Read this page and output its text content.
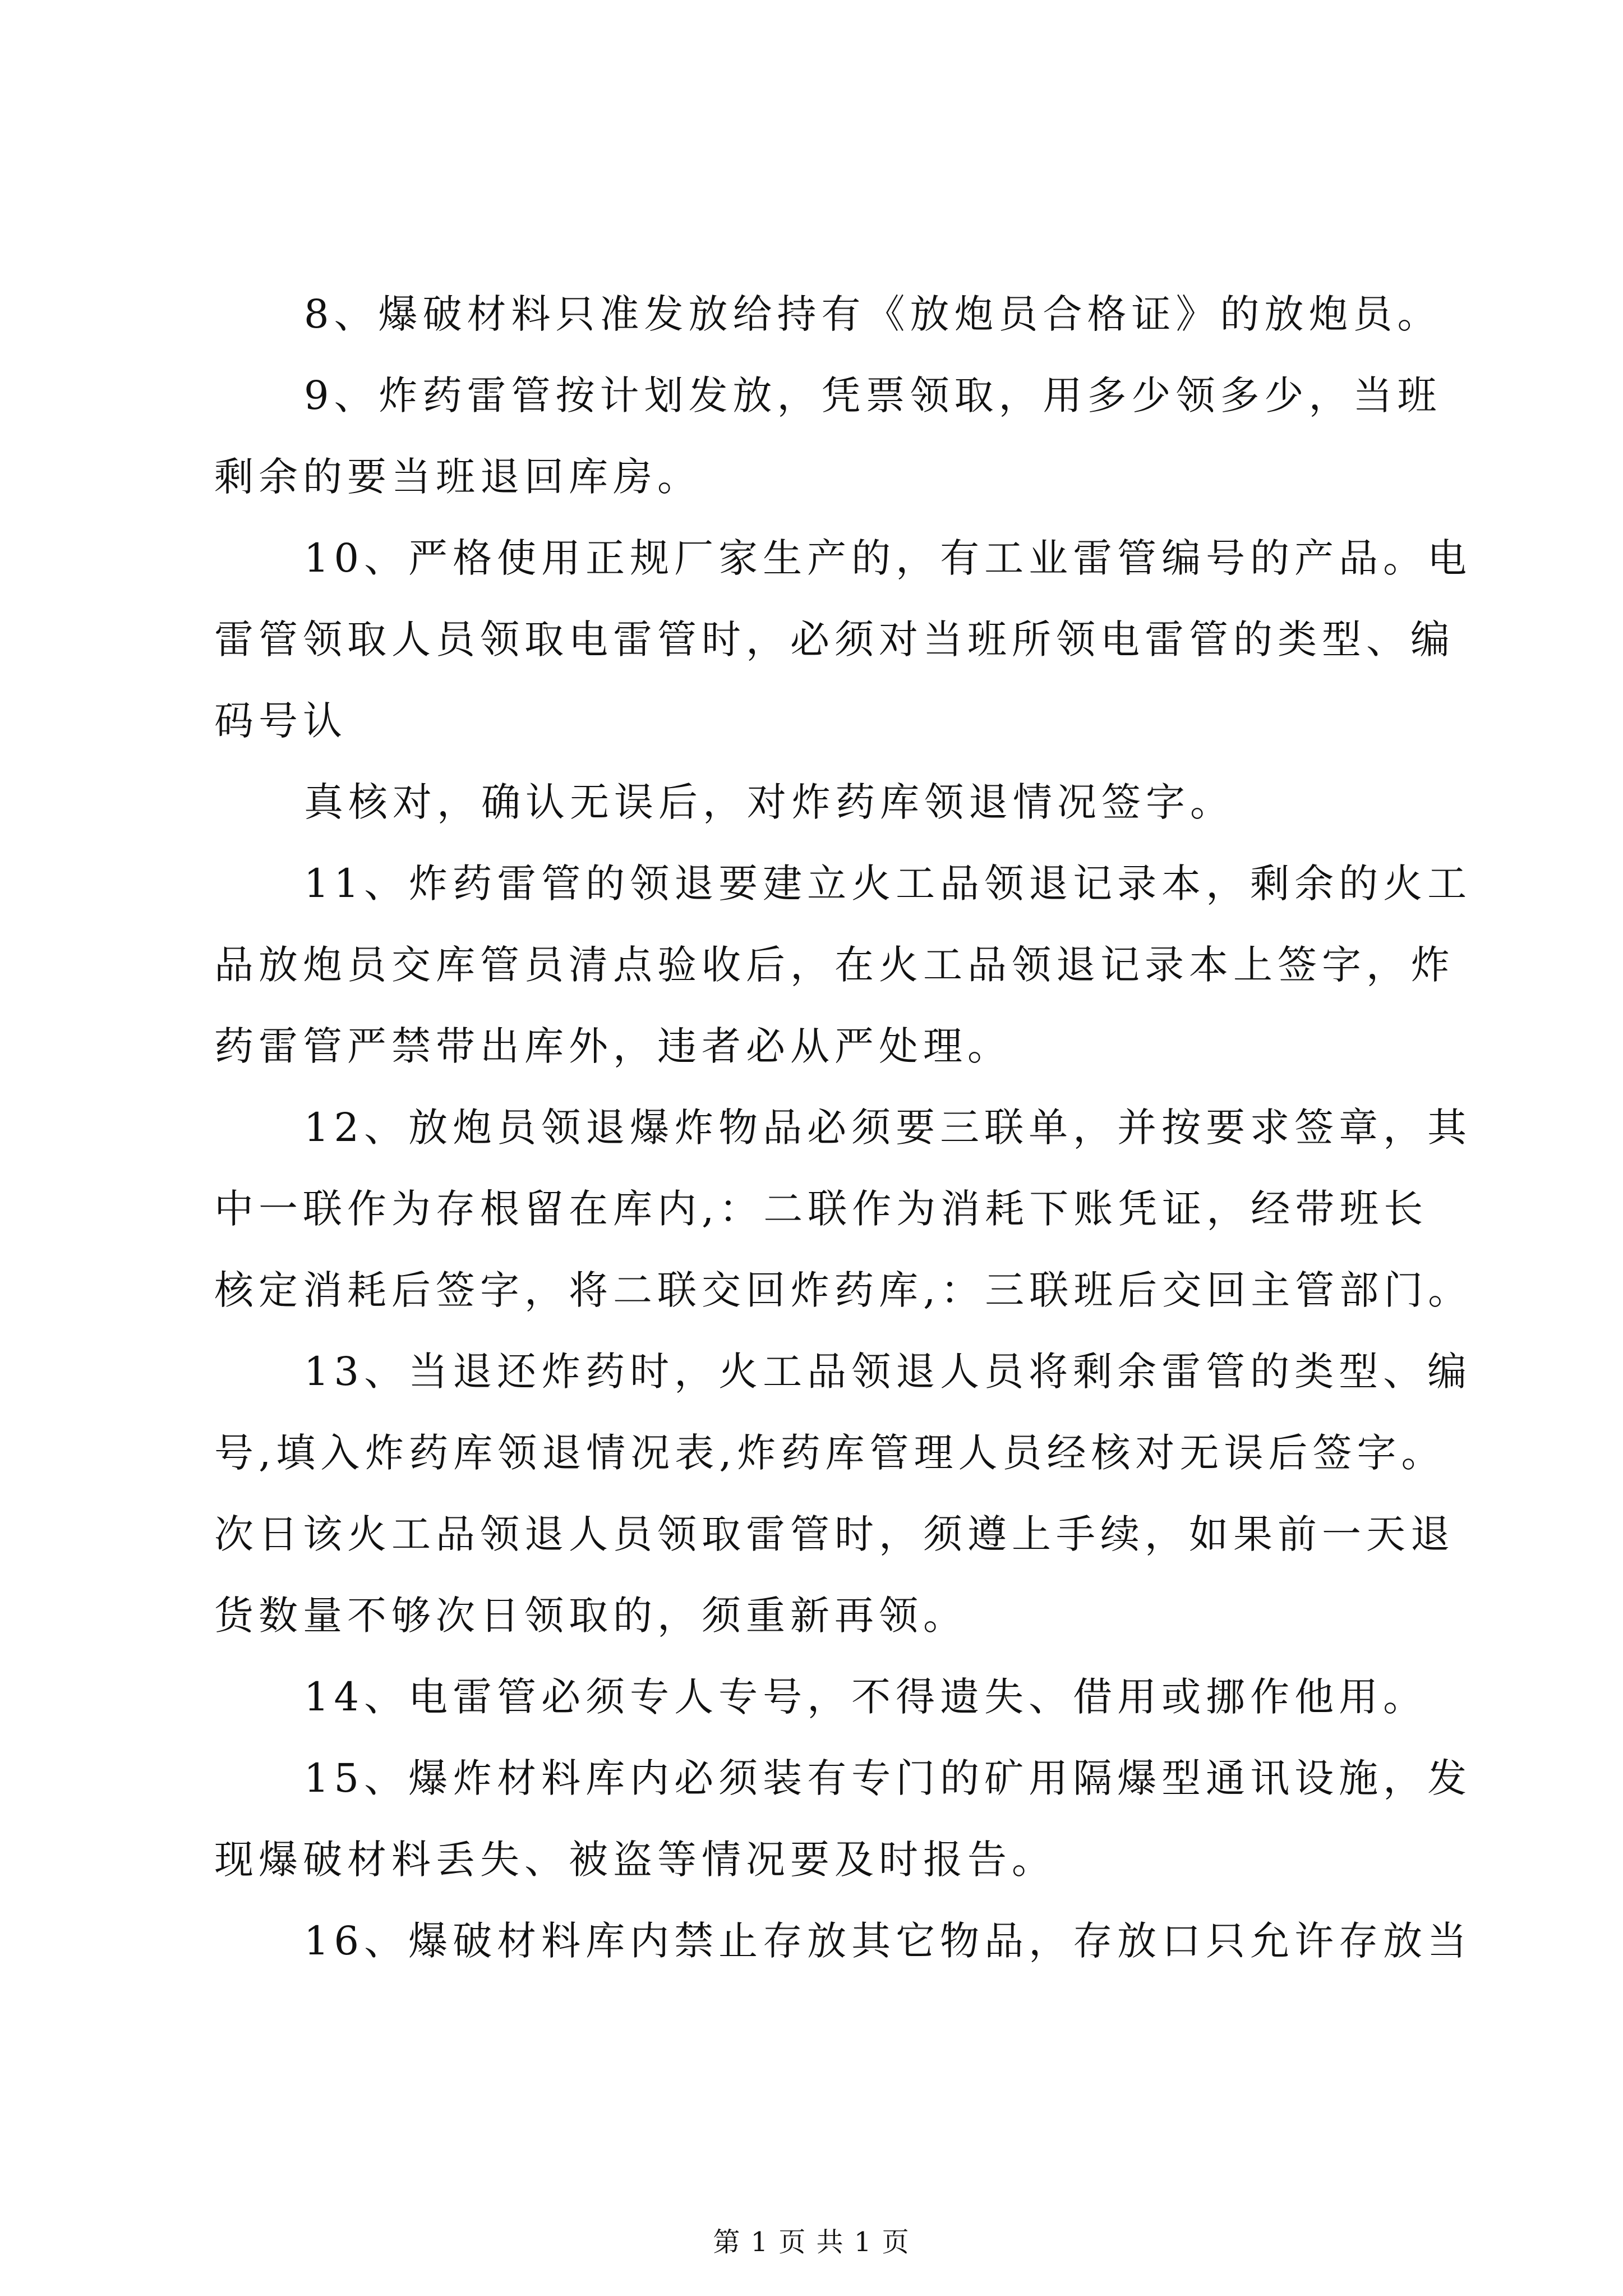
8、爆破材料只准发放给持有《放炮员合格证》的放炮员。
9、炸药雷管按计划发放，凭票领取，用多少领多少，当班
剩余的要当班退回库房。
10、严格使用正规厂家生产的，有工业雷管编号的产品。电
雷管领取人员领取电雷管时，必须对当班所领电雷管的类型、编
码号认
真核对，确认无误后，对炸药库领退情况签字。
11、炸药雷管的领退要建立火工品领退记录本，剩余的火工
品放炮员交库管员清点验收后，在火工品领退记录本上签字，炸
药雷管严禁带出库外，违者必从严处理。
12、放炮员领退爆炸物品必须要三联单，并按要求签章，其
中一联作为存根留在库内,：二联作为消耗下账凭证，经带班长
核定消耗后签字，将二联交回炸药库,：三联班后交回主管部门。
13、当退还炸药时，火工品领退人员将剩余雷管的类型、编
号,填入炸药库领退情况表,炸药库管理人员经核对无误后签字。
次日该火工品领退人员领取雷管时，须遵上手续，如果前一天退
货数量不够次日领取的，须重新再领。
14、电雷管必须专人专号，不得遗失、借用或挪作他用。
15、爆炸材料库内必须装有专门的矿用隔爆型通讯设施，发
现爆破材料丢失、被盗等情况要及时报告。
16、爆破材料库内禁止存放其它物品，存放口只允许存放当
第 1 页 共 1 页
